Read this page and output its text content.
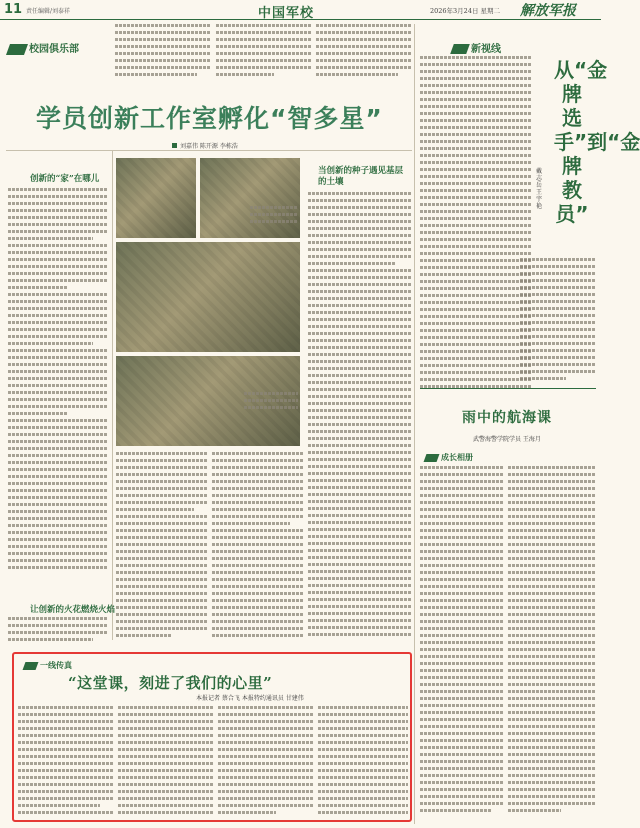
11 责任编辑/刘泰祥	中国军校	2026年3月24日 星期二 解放军报
校园俱乐部
学员创新工作室孵化“智多星”
刘嘉伟 陈开源 李栋浩
创新的“家”在哪儿
让创新的火花燃烧火焰
当创新的种子遇见基层的土壤
新视线
从“金牌选手”到“金牌教员”
戴志岳 王宇艳
雨中的航海课
武警海警学院学员 王海月
成长相册
一线传真
“这堂课，刻进了我们的心里”
本报记者 蔡合飞 本报特约通讯员 甘建伟
